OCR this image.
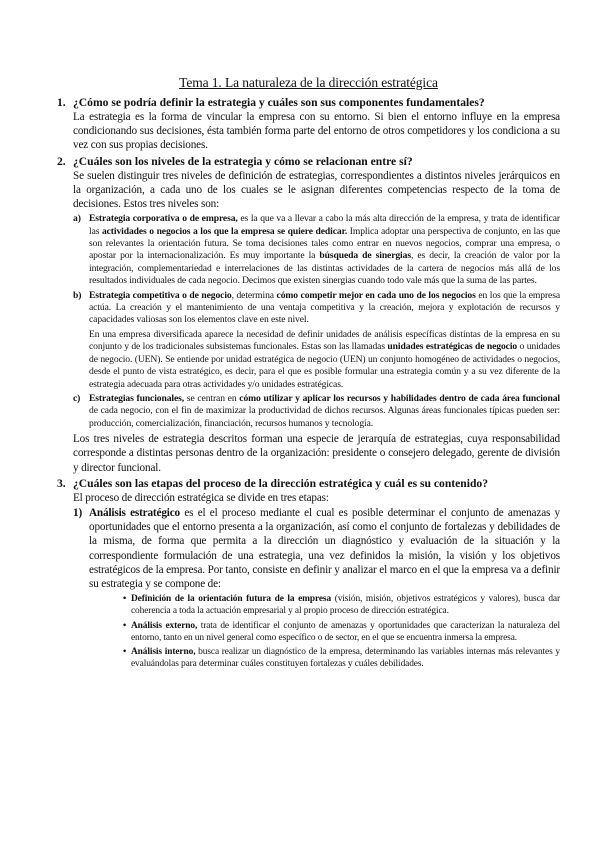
Tema 1. La naturaleza de la dirección estratégica
1. ¿Cómo se podría definir la estrategia y cuáles son sus componentes fundamentales?
La estrategia es la forma de vincular la empresa con su entorno. Si bien el entorno influye en la empresa condicionando sus decisiones, ésta también forma parte del entorno de otros competidores y los condiciona a su vez con sus propias decisiones.
2. ¿Cuáles son los niveles de la estrategia y cómo se relacionan entre sí?
Se suelen distinguir tres niveles de definición de estrategias, correspondientes a distintos niveles jerárquicos en la organización, a cada uno de los cuales se le asignan diferentes competencias respecto de la toma de decisiones. Estos tres niveles son:
a) Estrategia corporativa o de empresa, es la que va a llevar a cabo la más alta dirección de la empresa, y trata de identificar las actividades o negocios a los que la empresa se quiere dedicar. Implica adoptar una perspectiva de conjunto, en las que son relevantes la orientación futura. Se toma decisiones tales como entrar en nuevos negocios, comprar una empresa, o apostar por la internacionalización. Es muy importante la búsqueda de sinergias, es decir, la creación de valor por la integración, complementariedad e interrelaciones de las distintas actividades de la cartera de negocios más allá de los resultados individuales de cada negocio. Decimos que existen sinergias cuando todo vale más que la suma de las partes.
b) Estrategia competitiva o de negocio, determina cómo competir mejor en cada uno de los negocios en los que la empresa actúa. La creación y el mantenimiento de una ventaja competitiva y la creación, mejora y explotación de recursos y capacidades valiosas son los elementos clave en este nivel.
En una empresa diversificada aparece la necesidad de definir unidades de análisis específicas distintas de la empresa en su conjunto y de los tradicionales subsistemas funcionales. Estas son las llamadas unidades estratégicas de negocio o unidades de negocio. (UEN). Se entiende por unidad estratégica de negocio (UEN) un conjunto homogéneo de actividades o negocios, desde el punto de vista estratégico, es decir, para el que es posible formular una estrategia común y a su vez diferente de la estrategia adecuada para otras actividades y/o unidades estratégicas.
c) Estrategias funcionales, se centran en cómo utilizar y aplicar los recursos y habilidades dentro de cada área funcional de cada negocio, con el fin de maximizar la productividad de dichos recursos. Algunas áreas funcionales típicas pueden ser: producción, comercialización, financiación, recursos humanos y tecnología.
Los tres niveles de estrategia descritos forman una especie de jerarquía de estrategias, cuya responsabilidad corresponde a distintas personas dentro de la organización: presidente o consejero delegado, gerente de división y director funcional.
3. ¿Cuáles son las etapas del proceso de la dirección estratégica y cuál es su contenido?
El proceso de dirección estratégica se divide en tres etapas:
1) Análisis estratégico es el el proceso mediante el cual es posible determinar el conjunto de amenazas y oportunidades que el entorno presenta a la organización, así como el conjunto de fortalezas y debilidades de la misma, de forma que permita a la dirección un diagnóstico y evaluación de la situación y la correspondiente formulación de una estrategia, una vez definidos la misión, la visión y los objetivos estratégicos de la empresa. Por tanto, consiste en definir y analizar el marco en el que la empresa va a definir su estrategia y se compone de:
• Definición de la orientación futura de la empresa (visión, misión, objetivos estratégicos y valores), busca dar coherencia a toda la actuación empresarial y al propio proceso de dirección estratégica.
• Análisis externo, trata de identificar el conjunto de amenazas y oportunidades que caracterizan la naturaleza del entorno, tanto en un nivel general como específico o de sector, en el que se encuentra inmersa la empresa.
• Análisis interno, busca realizar un diagnóstico de la empresa, determinando las variables internas más relevantes y evaluándolas para determinar cuáles constituyen fortalezas y cuáles debilidades.
